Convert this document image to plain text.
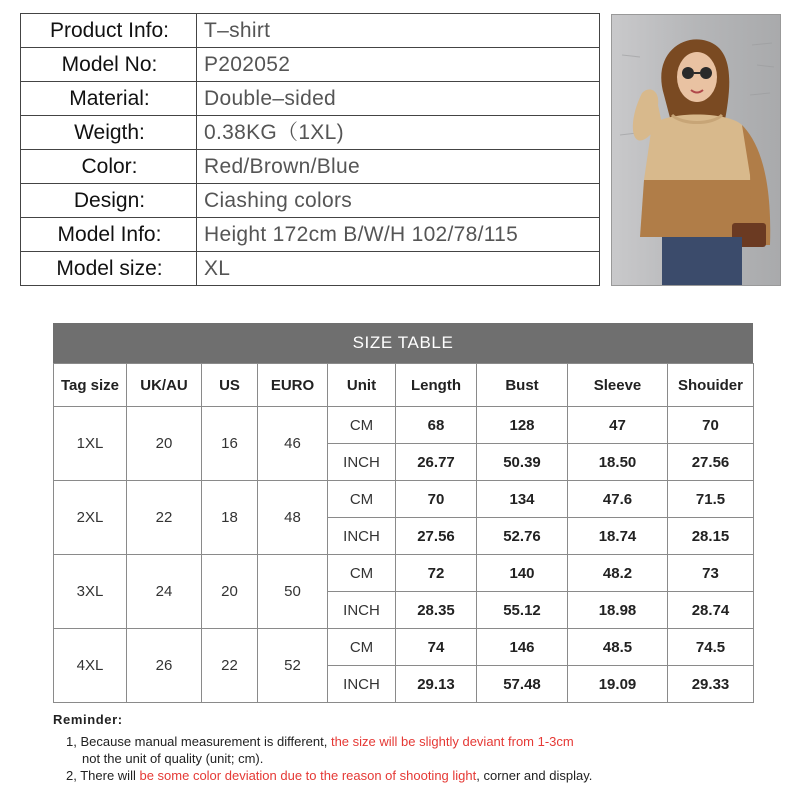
Product Info:	T–shirt
Model No:	P202052
Material:	Double–sided
Weigth:	0.38KG（1XL)
Color:	Red/Brown/Blue
Design:	Ciashing colors
Model Info:	Height 172cm B/W/H 102/78/115
Model size:	XL
SIZE TABLE
Tag size	UK/AU	US	EURO	Unit	Length	Bust	Sleeve	Shouider
1XL	20	16	46	CM	68	128	47	70
				INCH	26.77	50.39	18.50	27.56
2XL	22	18	48	CM	70	134	47.6	71.5
				INCH	27.56	52.76	18.74	28.15
3XL	24	20	50	CM	72	140	48.2	73
				INCH	28.35	55.12	18.98	28.74
4XL	26	22	52	CM	74	146	48.5	74.5
				INCH	29.13	57.48	19.09	29.33
Reminder:
1, Because manual measurement is different, the size will be slightly deviant from 1-3cm
not the unit of quality (unit; cm).
2, There will be some color deviation due to the reason of shooting light, corner and display.
